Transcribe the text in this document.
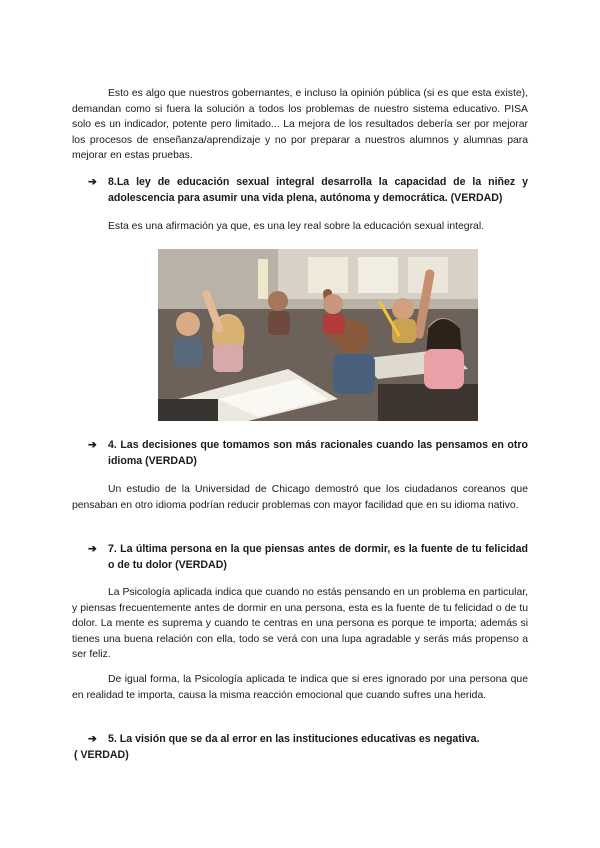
Esto es algo que nuestros gobernantes, e incluso la opinión pública (si es que esta existe), demandan como si fuera la solución a todos los problemas de nuestro sistema educativo. PISA solo es un indicador, potente pero limitado... La mejora de los resultados debería ser por mejorar los procesos de enseñanza/aprendizaje y no por preparar a nuestros alumnos y alumnas para mejorar en estas pruebas.

➔	8.La ley de educación sexual integral desarrolla la capacidad de la niñez y adolescencia para asumir una vida plena, autónoma y democrática. (VERDAD)

Esta es una afirmación ya que, es una ley real sobre la educación sexual integral.

➔	4. Las decisiones que tomamos son más racionales cuando las pensamos en otro idioma (VERDAD)

Un estudio de la Universidad de Chicago demostró que los ciudadanos coreanos que pensaban en otro idioma podrían reducir problemas con mayor facilidad que en su idioma nativo.

➔	7. La última persona en la que piensas antes de dormir, es la fuente de tu felicidad o de tu dolor (VERDAD)

La Psicología aplicada indica que cuando no estás pensando en un problema en particular, y piensas frecuentemente antes de dormir en una persona, esta es la fuente de tu felicidad o de tu dolor. La mente es suprema y cuando te centras en una persona es porque te importa; además si tienes una buena relación con ella, todo se verá con una lupa agradable y serás más propenso a ser feliz.

De igual forma, la Psicología aplicada te indica que si eres ignorado por una persona que en realidad te importa, causa la misma reacción emocional que cuando sufres una herida.

➔	5. La visión que se da al error en las instituciones educativas es negativa.

( VERDAD)
